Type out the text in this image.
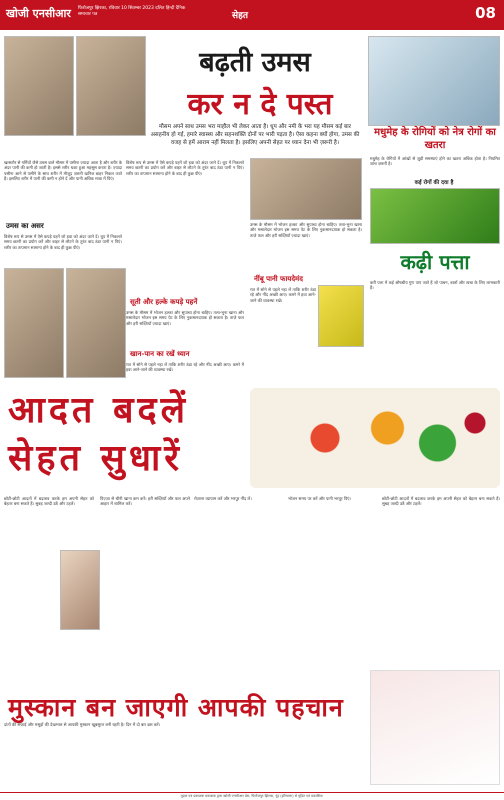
खोजी एनसीआर फिरोजपुर झिरका, रविवार 10 सितम्बर 2023 दलित हिन्दी दैनिक समाचार पत्र	सेहत	08
बढ़ती उमस
कर न दे पस्त
मौसम अपने साथ उमस भरा माहौल भी लेकर आता है। धूप और नमी के भरा यह मौसम कई बार असहनीय हो गई, हमारे स्वास्थ्य और सहनशक्ति दोनों पर भारी पड़ता है। ऐसा कहना क्यों होगा, उमस की वजह से हमें आराम नहीं मिलता है। इसलिए अपनी सेहत पर ध्यान देना भी ज़रूरी है।
खासतौर से गर्मियों जैसे उमस वाले मौसम में पसीना ज़्यादा आता है और शरीर के अंदर पानी की कमी हो जाती है। इससे शरीर थका हुआ महसूस करता है। ज़्यादा पसीना आने से पसीने के साथ शरीर में मौजूद ज़रूरी खनिज बाहर निकल जाते हैं। इसलिए शरीर में पानी की कमी न होने दें और पानी अधिक मात्रा में पिएं।
उमस का असर
विशेष रूप से उमस में ऐसे कपड़े पहनें जो हवा को अंदर जाने दें। धूप में निकलते समय छतरी का प्रयोग करें और बाहर से लौटने के तुरंत बाद ठंडा पानी न पिएं। शरीर का तापमान सामान्य होने के बाद ही कुछ पीएं।
विशेष रूप से उमस में ऐसे कपड़े पहनें जो हवा को अंदर जाने दें। धूप में निकलते समय छतरी का प्रयोग करें और बाहर से लौटने के तुरंत बाद ठंडा पानी न पिएं। शरीर का तापमान सामान्य होने के बाद ही कुछ पीएं।
सूती और हल्के कपड़े पहनें
उमस के मौसम में भोजन हल्का और सुपाच्य होना चाहिए। तला-भुना खाना और मसालेदार भोजन इस समय पेट के लिए नुकसानदायक हो सकता है। ताज़े फल और हरी सब्ज़ियाँ ज़्यादा खाएं।
खान-पान का रखें ध्यान
रात में सोने से पहले नहा लें ताकि शरीर ठंडा रहे और नींद अच्छी आए। कमरे में हवा आने-जाने की व्यवस्था रखें।
उमस के मौसम में भोजन हल्का और सुपाच्य होना चाहिए। तला-भुना खाना और मसालेदार भोजन इस समय पेट के लिए नुकसानदायक हो सकता है। ताज़े फल और हरी सब्ज़ियाँ ज़्यादा खाएं।
नींबू पानी फायदेमंद
रात में सोने से पहले नहा लें ताकि शरीर ठंडा रहे और नींद अच्छी आए। कमरे में हवा आने-जाने की व्यवस्था रखें।
मधुमेह के रोगियों को नेत्र रोगों का खतरा
मधुमेह के रोगियों में आंखों से जुड़ी समस्याएं होने का खतरा अधिक होता है। नियमित जांच ज़रूरी है।
कई रोगों की दवा है
कढ़ी पत्ता
करी पत्ता में कई औषधीय गुण पाए जाते हैं जो पाचन, बालों और त्वचा के लिए लाभकारी हैं।
आदत बदलें
सेहत सुधारें
छोटी-छोटी आदतों में बदलाव करके हम अपनी सेहत को बेहतर बना सकते हैं। सुबह जल्दी उठें और टहलें।
पिज़्ज़ा से चीनी खाना कम करें। हरी सब्ज़ियाँ और फल अपने आहार में शामिल करें।
रोज़ाना व्यायाम करें और भरपूर नींद लें।	भोजन समय पर करें और पानी भरपूर पिएं।	छोटी-छोटी आदतों में बदलाव करके हम अपनी सेहत को बेहतर बना सकते हैं। सुबह जल्दी उठें और टहलें।
मुस्कान बन जाएगी आपकी पहचान
दांतों की सफ़ाई और मसूड़ों की देखभाल से आपकी मुस्कान खूबसूरत बनी रहती है। दिन में दो बार ब्रश करें।
मुद्रक एवं प्रकाशक प्रकाशक द्वारा खोजी एनसीआर प्रेस, फिरोजपुर झिरका, नूंह (हरियाणा) से मुद्रित एवं प्रकाशित।
